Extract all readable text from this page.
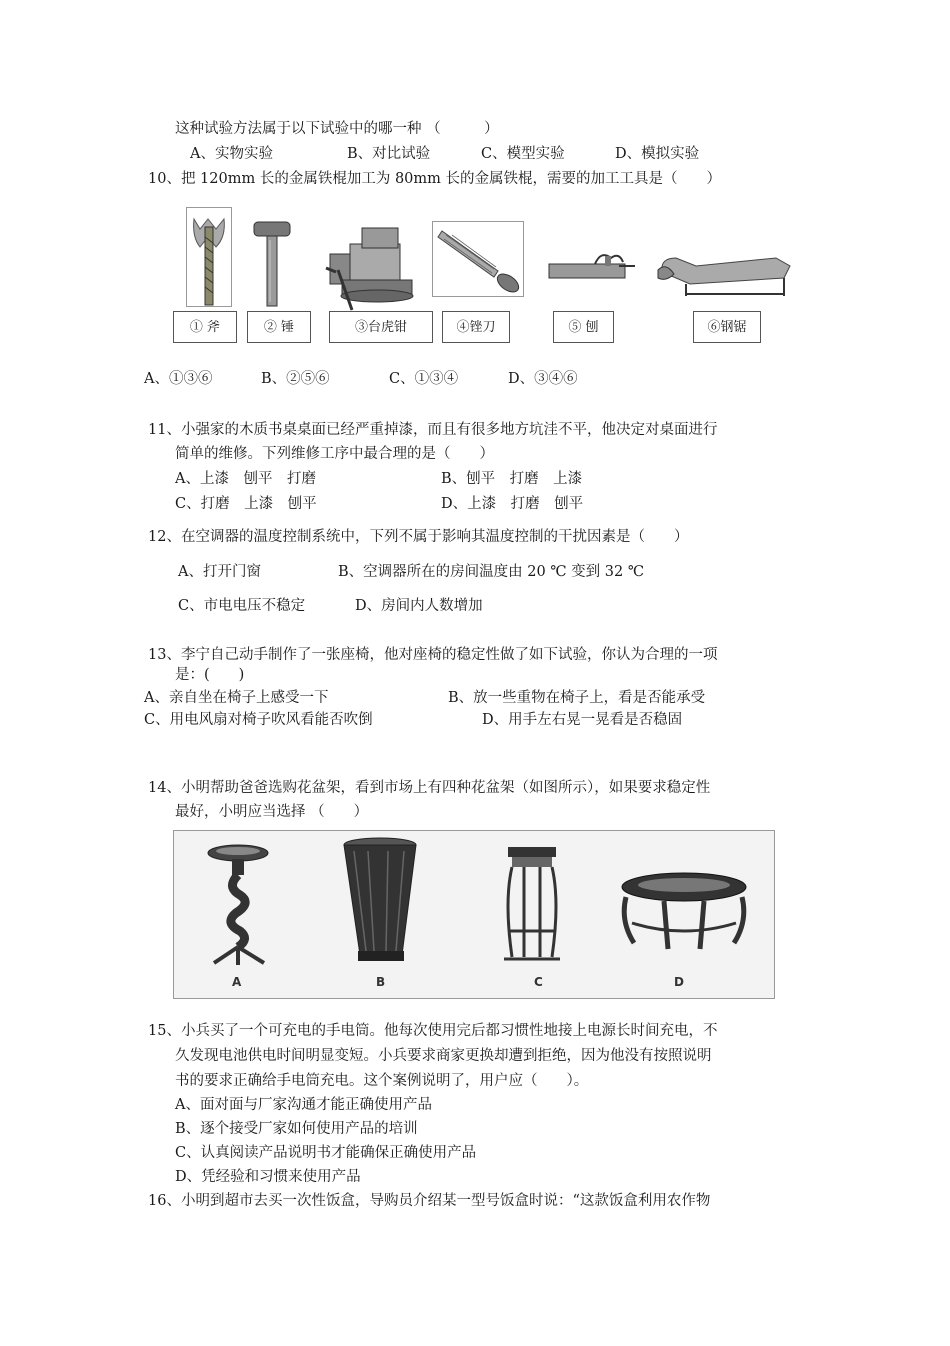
这种试验方法属于以下试验中的哪一种 （　　　）
A、实物实验	B、对比试验	C、模型实验	D、模拟实验
10、把 120mm 长的金属铁棍加工为 80mm 长的金属铁棍，需要的加工工具是（　　）
① 斧	② 锤	③台虎钳	④锉刀	⑤ 刨	⑥钢锯
A、①③⑥	B、②⑤⑥	C、①③④	D、③④⑥
11、小强家的木质书桌桌面已经严重掉漆，而且有很多地方坑洼不平，他决定对桌面进行
简单的维修。下列维修工序中最合理的是（　　）
A、上漆　刨平　打磨	B、刨平　打磨　上漆
C、打磨　上漆　刨平	D、上漆　打磨　刨平
12、在空调器的温度控制系统中，下列不属于影响其温度控制的干扰因素是（　　）
A、打开门窗	B、空调器所在的房间温度由 20 ℃ 变到 32 ℃
C、市电电压不稳定	D、房间内人数增加
13、李宁自己动手制作了一张座椅，他对座椅的稳定性做了如下试验，你认为合理的一项
是：(　　)
A、亲自坐在椅子上感受一下	B、放一些重物在椅子上，看是否能承受
C、用电风扇对椅子吹风看能否吹倒	D、用手左右晃一晃看是否稳固
14、小明帮助爸爸选购花盆架，看到市场上有四种花盆架（如图所示），如果要求稳定性
最好，小明应当选择 （　　）
A	B	C	D
15、小兵买了一个可充电的手电筒。他每次使用完后都习惯性地接上电源长时间充电，不
久发现电池供电时间明显变短。小兵要求商家更换却遭到拒绝，因为他没有按照说明
书的要求正确给手电筒充电。这个案例说明了，用户应（　　）。
A、面对面与厂家沟通才能正确使用产品
B、逐个接受厂家如何使用产品的培训
C、认真阅读产品说明书才能确保正确使用产品
D、凭经验和习惯来使用产品
16、小明到超市去买一次性饭盒，导购员介绍某一型号饭盒时说：“这款饭盒利用农作物
